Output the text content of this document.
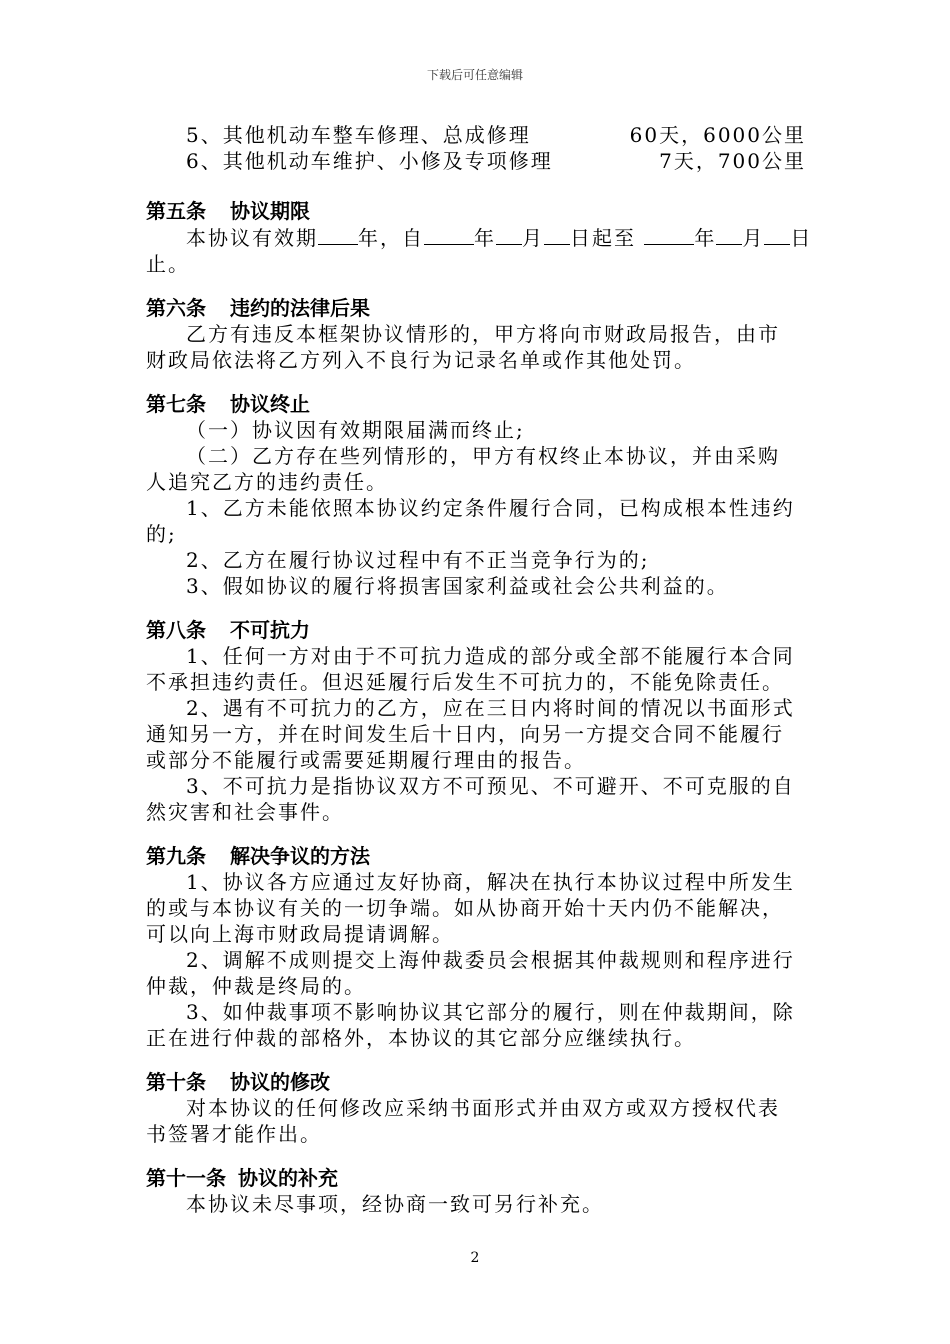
下载后可任意编辑
5、其他机动车整车修理、总成修理	60天，6000公里
6、其他机动车维护、小修及专项修理	7天，700公里
第五条 协议期限
本协议有效期 年，自	年 月 日起至	年 月 日
止。
第六条 违约的法律后果
乙方有违反本框架协议情形的，甲方将向市财政局报告，由市
财政局依法将乙方列入不良行为记录名单或作其他处罚。
第七条 协议终止
（一）协议因有效期限届满而终止;
（二）乙方存在些列情形的，甲方有权终止本协议，并由采购
人追究乙方的违约责任。
1、乙方未能依照本协议约定条件履行合同，已构成根本性违约
的;
2、乙方在履行协议过程中有不正当竞争行为的;
3、假如协议的履行将损害国家利益或社会公共利益的。
第八条 不可抗力
1、任何一方对由于不可抗力造成的部分或全部不能履行本合同
不承担违约责任。但迟延履行后发生不可抗力的，不能免除责任。
2、遇有不可抗力的乙方，应在三日内将时间的情况以书面形式
通知另一方，并在时间发生后十日内，向另一方提交合同不能履行
或部分不能履行或需要延期履行理由的报告。
3、不可抗力是指协议双方不可预见、不可避开、不可克服的自
然灾害和社会事件。
第九条 解决争议的方法
1、协议各方应通过友好协商，解决在执行本协议过程中所发生
的或与本协议有关的一切争端。如从协商开始十天内仍不能解决，
可以向上海市财政局提请调解。
2、调解不成则提交上海仲裁委员会根据其仲裁规则和程序进行
仲裁，仲裁是终局的。
3、如仲裁事项不影响协议其它部分的履行，则在仲裁期间，除
正在进行仲裁的部格外，本协议的其它部分应继续执行。
第十条 协议的修改
对本协议的任何修改应采纳书面形式并由双方或双方授权代表
书签署才能作出。
第十一条 协议的补充
本协议未尽事项，经协商一致可另行补充。
2
